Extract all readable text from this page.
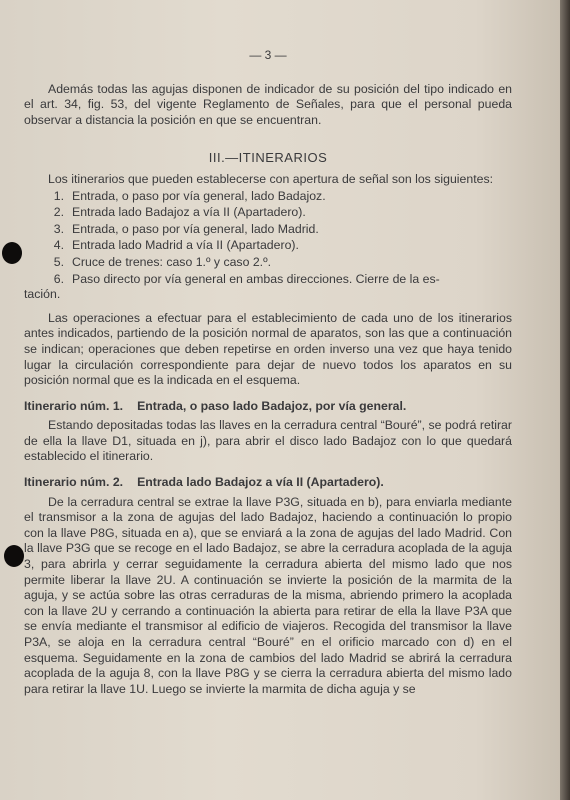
— 3 —

Además todas las agujas disponen de indicador de su posición del tipo indicado en el art. 34, fig. 53, del vigente Reglamento de Señales, para que el personal pueda observar a distancia la posición en que se encuentran.

III.—ITINERARIOS

Los itinerarios que pueden establecerse con apertura de señal son los siguientes:

1. Entrada, o paso por vía general, lado Badajoz.
2. Entrada lado Badajoz a vía II (Apartadero).
3. Entrada, o paso por vía general, lado Madrid.
4. Entrada lado Madrid a vía II (Apartadero).
5. Cruce de trenes: caso 1.º y caso 2.º.
6. Paso directo por vía general en ambas direcciones. Cierre de la es-

tación.

Las operaciones a efectuar para el establecimiento de cada uno de los itinerarios antes indicados, partiendo de la posición normal de aparatos, son las que a continuación se indican; operaciones que deben repetirse en orden inverso una vez que haya tenido lugar la circulación correspondiente para dejar de nuevo todos los aparatos en su posición normal que es la indicada en el esquema.

Itinerario núm. 1. Entrada, o paso lado Badajoz, por vía general.

Estando depositadas todas las llaves en la cerradura central “Bouré”, se podrá retirar de ella la llave D1, situada en j), para abrir el disco lado Badajoz con lo que quedará establecido el itinerario.

Itinerario núm. 2. Entrada lado Badajoz a vía II (Apartadero).

De la cerradura central se extrae la llave P3G, situada en b), para enviarla mediante el transmisor a la zona de agujas del lado Badajoz, haciendo a continuación lo propio con la llave P8G, situada en a), que se enviará a la zona de agujas del lado Madrid. Con la llave P3G que se recoge en el lado Badajoz, se abre la cerradura acoplada de la aguja 3, para abrirla y cerrar seguidamente la cerradura abierta del mismo lado que nos permite liberar la llave 2U. A continuación se invierte la posición de la marmita de la aguja, y se actúa sobre las otras cerraduras de la misma, abriendo primero la acoplada con la llave 2U y cerrando a continuación la abierta para retirar de ella la llave P3A que se envía mediante el transmisor al edificio de viajeros. Recogida del transmisor la llave P3A, se aloja en la cerradura central “Bouré” en el orificio marcado con d) en el esquema. Seguidamente en la zona de cambios del lado Madrid se abrirá la cerradura acoplada de la aguja 8, con la llave P8G y se cierra la cerradura abierta del mismo lado para retirar la llave 1U. Luego se invierte la marmita de dicha aguja y se
